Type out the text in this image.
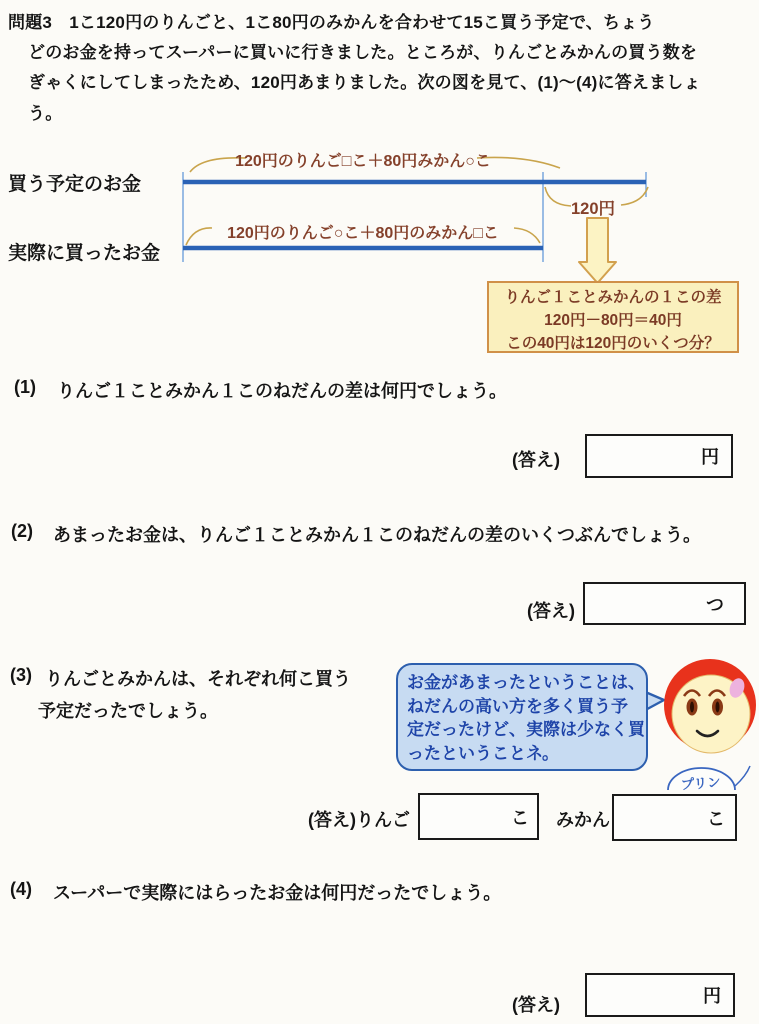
問題3　1こ120円のりんごと、1こ80円のみかんを合わせて15こ買う予定で、ちょう
どのお金を持ってスーパーに買いに行きました。ところが、りんごとみかんの買う数を
ぎゃくにしてしまったため、120円あまりました。次の図を見て、(1)～(4)に答えましょ
う。
買う予定のお金
実際に買ったお金
120円のりんご□こ＋80円みかん○こ
120円のりんご○こ＋80円のみかん□こ
120円
りんご１ことみかんの１この差
120円－80円＝40円
この40円は120円のいくつ分？
(1) りんご１ことみかん１このねだんの差は何円でしょう。
(答え)	円
(2) あまったお金は、りんご１ことみかん１このねだんの差のいくつぶんでしょう。
(答え)	つ
(3) りんごとみかんは、それぞれ何こ買う
予定だったでしょう。
お金があまったということは、
ねだんの高い方を多く買う予
定だったけど、実際は少なく買
ったということネ。
プリン
(答え)りんご	こ みかん	こ
(4) スーパーで実際にはらったお金は何円だったでしょう。
(答え)	円
